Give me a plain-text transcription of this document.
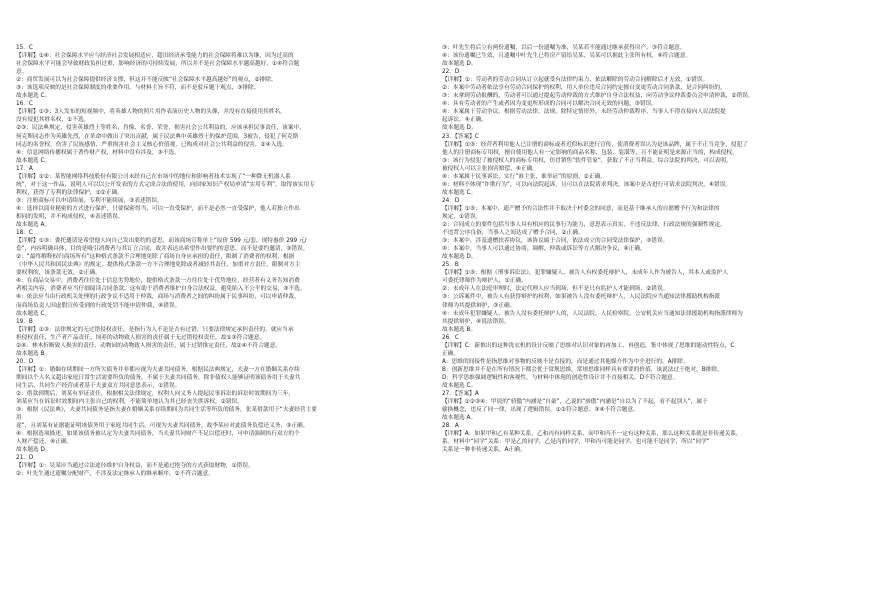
15．C
【详解】①④：社会保障水平应与经济社会发展相适应，超出经济承受能力的社会保障将难以为继，因为过高的
社会保障水平可能会导致财政负担过重，影响经济的可持续发展，所以并不是社会保障水平越高越好，①④符合题
意。
②：商贸发展可以为社会保障提供经济支撑，但这并不能反映“社会保障水平越高越好”的观点，②排除。
③：该选项反映的是社会保障制度的重要作用，与材料主旨不符，而不是驳斥题干观点，③排除。
故本题选 C。
16．C
【详解】①③：3人发布的短视频中，将英雄人物的照片用作表演历史人物的头像，并没有直接使用其姓名，
没有侵犯其姓名权，①不选。
②③：民法典规定，侵害英雄烈士等姓名、肖像、名誉、荣誉，损害社会公共利益的，应该承担民事责任，该案中，
何克斯同志作为英雄先烈，在革命中做出了突出贡献，属于民法典中英雄烈士的保护范围，3被告，侵犯了何克斯
同志的名誉权，伤害了民族感情，严重损害社会主义核心价值观，已构成对社会公共利益的侵害，②④入选。
④：信息网络传播权属于著作财产权，材料中没有涉及，③不选。
故本题选 C。
17．A
【详解】①②：某智能网络科技股份有限公司未经自己在市场中的地位和影响者技术实现了“一种降无机器人系
统”，对于这一作品，说明人可以以公开发表的方式完成合法的使用，向国家知识产权局申请“实用专利”，取得该实用专
利权，获得了专利的法律保护，①②正确。
③：注册商标可以申请续展，专利不能续展，③表述错误。
④：选择以商业秘密的方式进行保护，只要保密得当，可以一直受保护，而不是必然一直受保护，他人若独立作出
相同的发明，并不构成侵权，④表述错误。
故本题选 A。
18．C
【详解】①③：委托邀请是希望他人向自己发出要约的意思，而该商场宣称单上“原价 599 元/套，现特惠价 299 元/
套”，内容明确具体，目的是吸引消费者与其订立合同，故并表达出希望作出要约的意思，而不是要约邀请，③错误。
②：“最终解释权归商场所有”这种格式条款不合理地免除了商场自身应承担的责任，限制了消费者的权利，根据
《中华人民共和国民法典》的规定，提供格式条款一方不合理地免除或者减轻其责任、加重对方责任、限制对方主
要权利的，该条款无效，②正确。
④：在商品交易中，消费者往往处于信息劣势地位，提供格式条款一方往往处于优势地位，经营者有义务告知消费
者相关内容，消费者应当仔细阅读合同条款，这有助于消费者维护自身合法权益，避免陷入不公平的交易，③不选。
④：依法应当由行政机关处理的行政争议不适用于仲裁，商场与消费者之间的纠纷属于民事纠纷，可以申请仲裁，
而商场负责人因虚假宣传受到的行政处罚不能申请仲裁，④错误。
故本题选 C。
19．B
【详解】①③：法律规定的无过错侵权责任，是指行为人不论是否有过错，只要法律规定承担责任的，就应当承
担侵权责任，生产者产品责任、饲养的动物致人损害的责任属于无过错侵权责任，故①③符合题意。
②④：林木折断致人损害的责任、动物园的动物致人损害的责任，属于过错推定责任，故②④不符合题意。
故本题选 B。
20．D
【详解】①：婚姻存续期间一方所欠债务并非都应视为夫妻共同债务，根据民法典规定，夫妻一方在婚姻关系存续
期间以个人名义超出家庭日常生活需要所负的债务，不属于夫妻共同债务，除非债权人能够证明该债务用于夫妻共
同生活、共同生产经营或者基于夫妻双方共同意思表示，①错误。
②：借款到期后，刘某有举证责任，根据相关法律规定，权利人向义务人提起民事诉讼的诉讼时效期间为三年，
刘某应当在诉讼时效期间内主张自己的权利，不能简单地认为其已经丧失胜诉权，②错误。
③：根据《民法典》，夫妻共同债务是指夫妻在婚姻关系存续期间为共同生活等所负的债务，张某借款用于“夫妻经营主要
用
途”，且刘某有证据能证明该债务用于家庭共同生活，可视为夫妻共同债务，故李某应对此债务负偿还义务，③正确。
④：根据选项描述，如果该债务被认定为夫妻共同债务，当夫妻共同财产不足以偿还时，可申请强制执行双方的个
人财产偿还，④正确。
故本题选 D。
21．D
【详解】①：吴某应当通过合法途径维护自身权益，而不是通过抢夺的方式获取财物，①错误。
②：叶先生通过遗嘱分配财产，不涉及法定继承人的继承顺序，②不符合题意。
③：叶先生将后立有两份遗嘱，以后一份遗嘱为准，吴某若不能通过继承获得房产，③符合题意。
④：该份遗嘱已生效，且遗嘱中叶先生已将房产留给吴某，吴某可以据此主张所有权，④符合题意。
故本题选 D。
22．D
【详解】①：劳动者的劳动合同从订立起就受有法律约束力，依法解除的劳动合同解除后才无效，①错误。
②：本案中劳动者依法享有劳动合同保护的权利，用人单位违反合同约定擅自变更劳动合同条款，是合同纠纷的，
③：未拿到劳动报酬的，劳动者可以通过提起劳动仲裁的方式维护自身合法权益，向劳动争议仲裁委员会申请仲裁，②错误。
④：具有劳动者的产生或者因为变更所形成的合同可以解决合同无效的问题，③错误。
④：本案属于劳动争议，根据劳动法律，法规，除特定情形外，未经劳动仲裁程序，当事人不得直接向人民法院提
起诉讼，④正确。
故本题选 D。
23．【答案】C
【详解】①③：经营者利用他人已注册的商标或者近似标识进行宣传，使消费者误认为是该品牌，属于不正当竞争，侵犯了
他人的注册商标专用权，擅自使用他人有一定影响的商品名称、包装、装潢等，且不能证明是来源正当的，构成侵权，
③：该行为侵犯了被侵权人的商标专用权，仿冒销售“软件管家”，获取了不正当利益，综合法院的判决，可以表明，
被侵权人可以主张损害赔偿，④正确。
④：本案属于民事诉讼，实行“谁主张，谁举证”的原则，②正确。
④：材料不体现“诈欺行为”，可以向法院起诉，且可以在法院请求判决，该案中是否进行可请求法院判决，④错误。
故本题选 C。
24．D
【详解】①③：本案中，遗产赠予的合法性并不取决于村委会的同意，而是基于继承人的自愿赠予行为和法律的
规定，①错误。
②：合同成立的要件包括当事人具有相应的民事行为能力，意思表示真实，不违反法律、行政法规的强制性规定，
不违背公序良俗，当事人之间达成了赠予合同，②正确。
③：本案中，涉及遗赠扶养协议，该协议属于合同，依法成立的合同受法律保护，③错误。
④：本案中，当事人可以通过协商、调解、仲裁或诉讼等方式解决争议，④正确。
故本题选 D。
25．B
【详解】①③：根据《刑事诉讼法》，犯罪嫌疑人、被告人有权委托辩护人，未成年人作为被告人，其本人或监护人
可委托律师作为辩护人，①正确。
②：未成年人在法庭审理时，法定代理人应当到场，但不是只有监护人才能到场，②错误。
③：公诉案件中，被告人有获得辩护的权利，如果被告人没有委托辩护人，人民法院应当通知法律援助机构指派
律师为其提供辩护，③正确。
④：未成年犯罪嫌疑人、被告人没有委托辩护人的，人民法院、人民检察院、公安机关应当通知法律援助机构指派律师为
其提供辩护，④说法错误。
故本题选 B。
26．C
【详解】C：新推出的这种洗衣机的设计反映了思维对认识对象的再加工、再创造，集中体现了思维的能动性特点，C
正确。
A：思维的间接性是指思维对事物的反映不是直接的，而是通过其他媒介作为中介进行的，A排除。
B：创新思维并不是在所有情况下都会优于常规思维，常规思维同样具有重要的价值，该说法过于绝对，B排除。
D：科学思维强调逻辑性和客观性，与材料中体现的创造性设计并不直接相关，D不符合题意。
故本题选 C。
27．【答案】A
【详解】①②③④：甲说的“骄傲”内涵是“自豪”，乙说的“骄傲”内涵是“自以为了不起，看不起别人”，属于
偷换概念，违反了同一律，出现了逻辑错误，①②符合题意。③④不符合题意。
故本题选 A。
28．A
【详解】A：如果甲和乙有某种关系，乙和丙有同样关系，而甲和丙不一定有这种关系，那么这种关系就是非传递关系，
系。材料中“同学”关系：甲是乙的同学，乙是丙的同学，甲和丙可能是同学，也可能不是同学，所以“同学”
关系是一种非传递关系，A正确。
